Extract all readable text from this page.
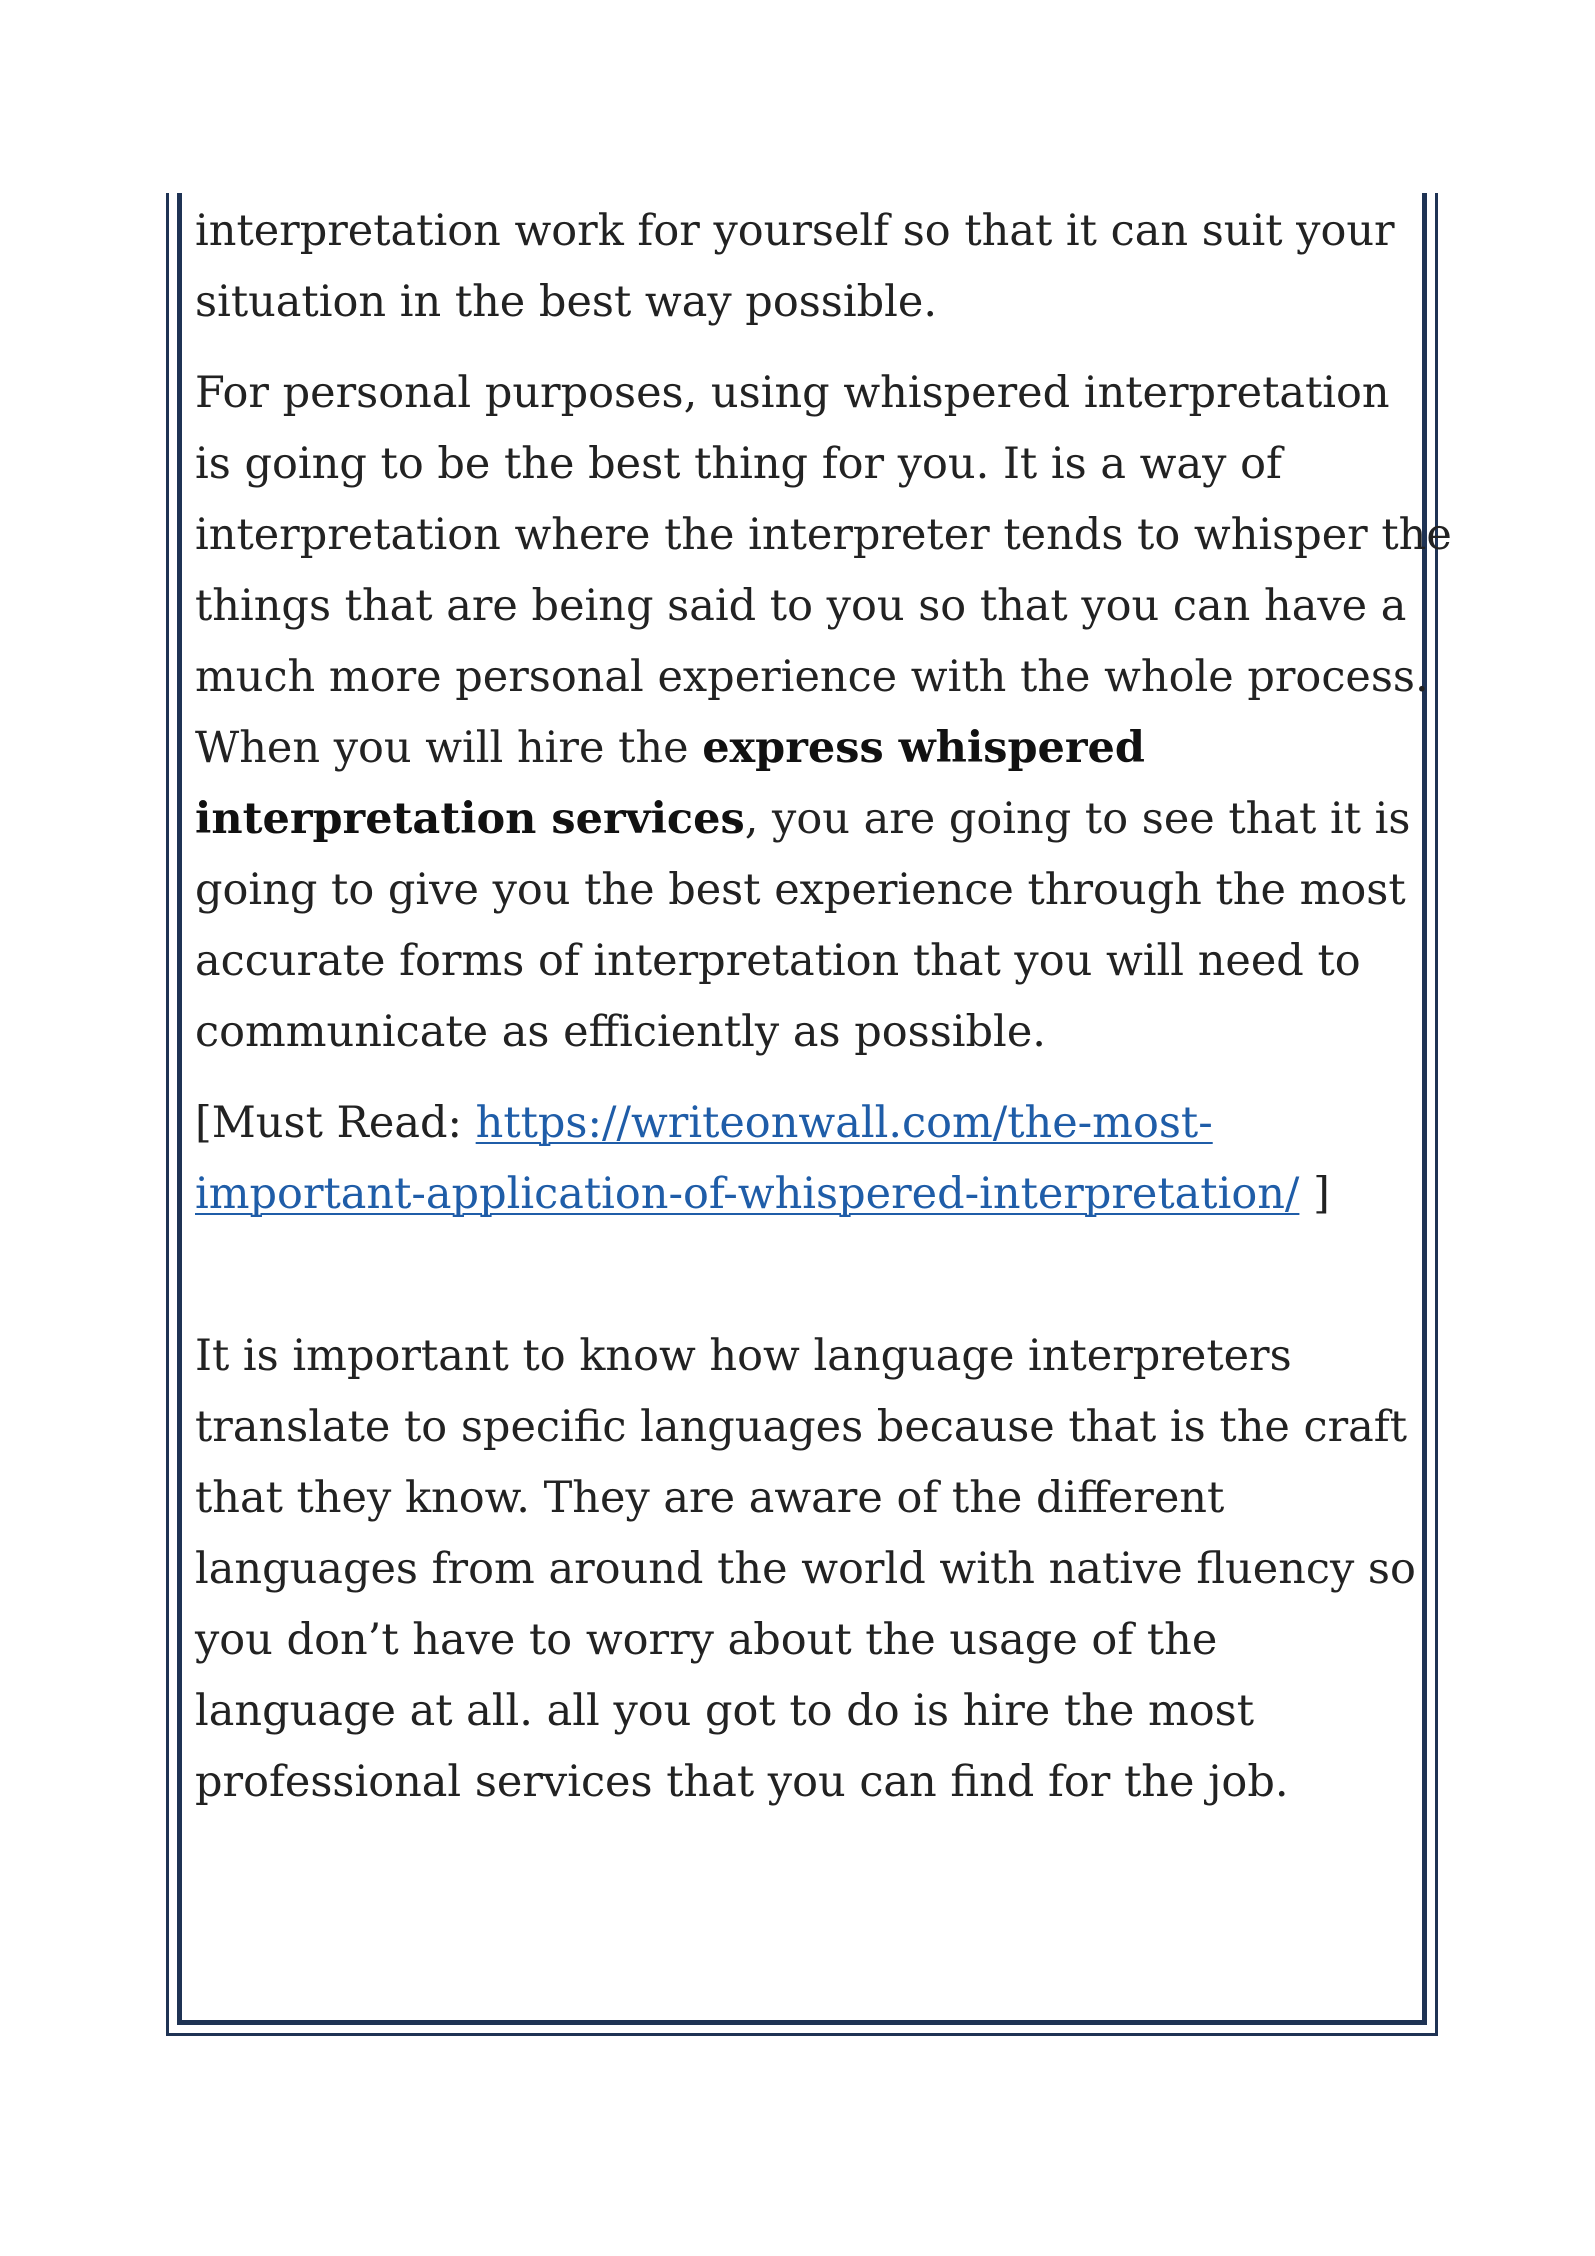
interpretation work for yourself so that it can suit your
situation in the best way possible.

For personal purposes, using whispered interpretation
is going to be the best thing for you. It is a way of
interpretation where the interpreter tends to whisper the
things that are being said to you so that you can have a
much more personal experience with the whole process.
When you will hire the express whispered
interpretation services, you are going to see that it is
going to give you the best experience through the most
accurate forms of interpretation that you will need to
communicate as efficiently as possible.

[Must Read: https://writeonwall.com/the-most-
important-application-of-whispered-interpretation/ ]

It is important to know how language interpreters
translate to specific languages because that is the craft
that they know. They are aware of the different
languages from around the world with native fluency so
you don’t have to worry about the usage of the
language at all. all you got to do is hire the most
professional services that you can find for the job.
